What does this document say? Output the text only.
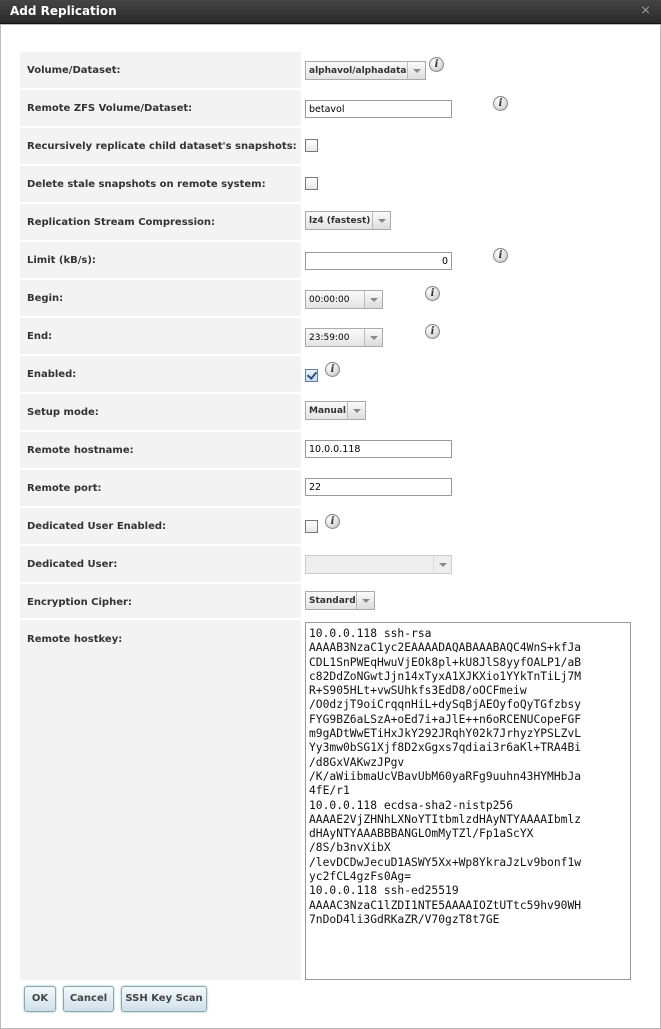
Add Replication	⨯
Volume/Dataset:	alphavol/alphadata
i
Remote ZFS Volume/Dataset:	betavol
i
Recursively replicate child dataset's snapshots:
Delete stale snapshots on remote system:
Replication Stream Compression:	lz4 (fastest)
Limit (kB/s):	0
i
Begin:	00:00:00
i
End:	23:59:00
i
Enabled:	i
Setup mode:	Manual
Remote hostname:	10.0.0.118
Remote port:	22
Dedicated User Enabled:	i
Dedicated User:
Encryption Cipher:	Standard
Remote hostkey:	10.0.0.118 ssh-rsa
AAAAB3NzaC1yc2EAAAADAQABAAABAQC4WnS+kfJa
CDL1SnPWEqHwuVjEOk8pl+kU8JlS8yyfOALP1/aB
c82DdZoNGwtJjn14xTyxA1XJKXio1YYkTnTiLj7M
R+S905HLt+vwSUhkfs3EdD8/oOCFmeiw
/O0dzjT9oiCrqqnHiL+dySqBjAEOyfoQyTGfzbsy
FYG9BZ6aLSzA+oEd7i+aJlE++n6oRCENUCopeFGF
m9gADtWwETiHxJkY292JRqhY02k7JrhyzYPSLZvL
Yy3mw0bSG1Xjf8D2xGgxs7qdiai3r6aKl+TRA4Bi
/d8GxVAKwzJPgv
/K/aWiibmaUcVBavUbM60yaRFg9uuhn43HYMHbJa
4fE/r1
10.0.0.118 ecdsa-sha2-nistp256
AAAAE2VjZHNhLXNoYTItbmlzdHAyNTYAAAAIbmlz
dHAyNTYAAABBBANGLOmMyTZl/Fp1aScYX
/8S/b3nvXibX
/levDCDwJecuD1ASWY5Xx+Wp8YkraJzLv9bonf1w
yc2fCL4gzFs0Ag=
10.0.0.118 ssh-ed25519
AAAAC3NzaC1lZDI1NTE5AAAAIOZtUTtc59hv90WH
7nDoD4li3GdRKaZR/V70gzT8t7GE
OK	Cancel	SSH Key Scan
